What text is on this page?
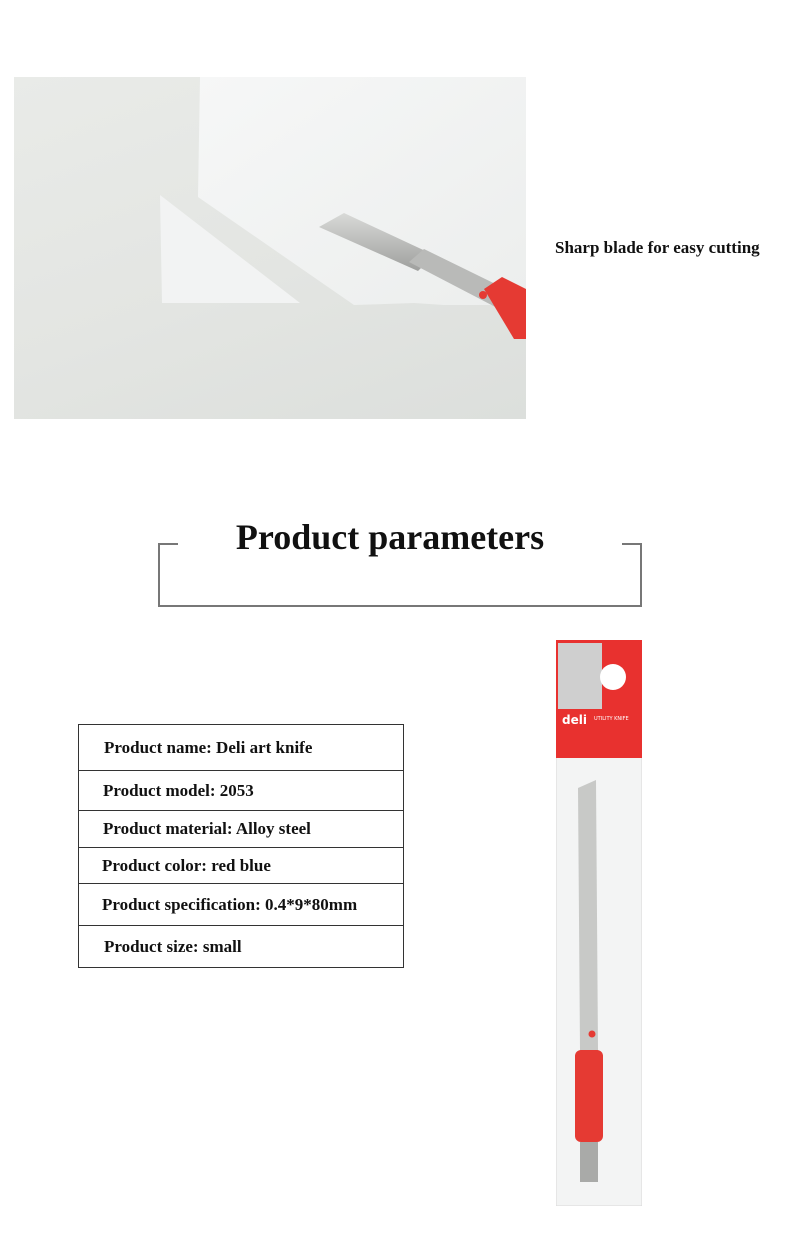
Sharp blade for easy cutting
Product parameters
Product name: Deli art knife
Product model: 2053
Product material: Alloy steel
Product color: red blue
Product specification: 0.4*9*80mm
Product size: small
deli UTILITY KNIFE
